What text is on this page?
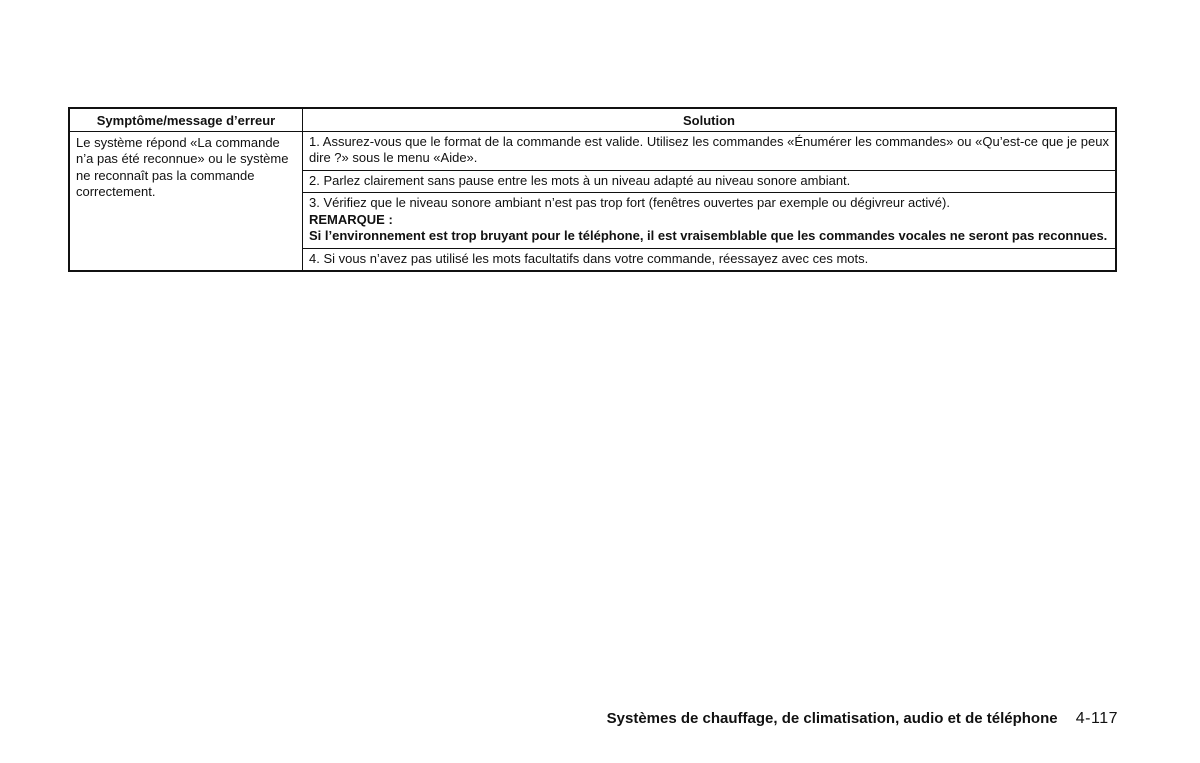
Symptôme/message d’erreur	Solution
Le système répond «La commande n’a pas été reconnue» ou le système ne reconnaît pas la commande correctement.	1. Assurez-vous que le format de la commande est valide. Utilisez les commandes «Énumérer les commandes» ou «Qu’est-ce que je peux dire ?» sous le menu «Aide».
	2. Parlez clairement sans pause entre les mots à un niveau adapté au niveau sonore ambiant.
	3. Vérifiez que le niveau sonore ambiant n’est pas trop fort (fenêtres ouvertes par exemple ou dégivreur activé).
REMARQUE :
Si l’environnement est trop bruyant pour le téléphone, il est vraisemblable que les commandes vocales ne seront pas reconnues.

	4. Si vous n’avez pas utilisé les mots facultatifs dans votre commande, réessayez avec ces mots.
Systèmes de chauffage, de climatisation, audio et de téléphone 4-117
